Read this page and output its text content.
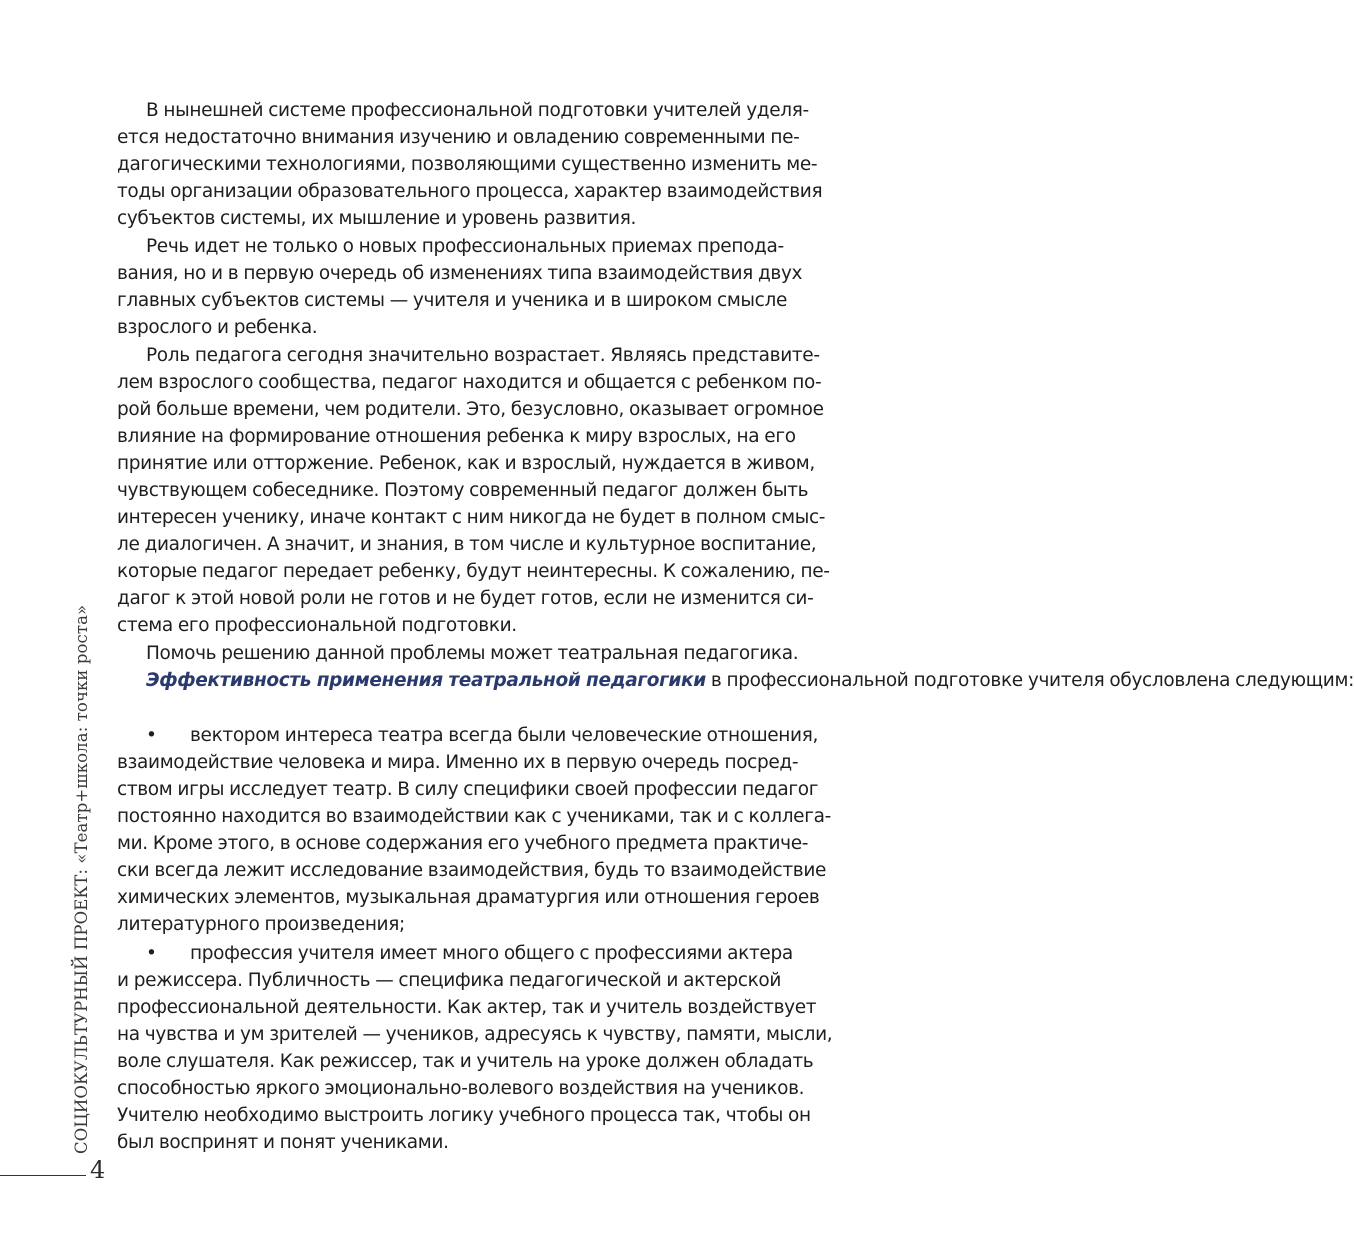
В нынешней системе профессиональной подготовки учителей уделя-
ется недостаточно внимания изучению и овладению современными пе-
дагогическими технологиями, позволяющими существенно изменить ме-
тоды организации образовательного процесса, характер взаимодействия
субъектов системы, их мышление и уровень развития.
Речь идет не только о новых профессиональных приемах препода-
вания, но и в первую очередь об изменениях типа взаимодействия двух
главных субъектов системы — учителя и ученика и в широком смысле
взрослого и ребенка.
Роль педагога сегодня значительно возрастает. Являясь представите-
лем взрослого сообщества, педагог находится и общается с ребенком по-
рой больше времени, чем родители. Это, безусловно, оказывает огромное
влияние на формирование отношения ребенка к миру взрослых, на его
принятие или отторжение. Ребенок, как и взрослый, нуждается в живом,
чувствующем собеседнике. Поэтому современный педагог должен быть
интересен ученику, иначе контакт с ним никогда не будет в полном смыс-
ле диалогичен. А значит, и знания, в том числе и культурное воспитание,
которые педагог передает ребенку, будут неинтересны. К сожалению, пе-
дагог к этой новой роли не готов и не будет готов, если не изменится си-
стема его профессиональной подготовки.
Помочь решению данной проблемы может театральная педагогика.
Эффективность применения театральной педагогики в профессиональной подготовке учителя обусловлена следующим:
•	вектором интереса театра всегда были человеческие отношения,
взаимодействие человека и мира. Именно их в первую очередь посред-
ством игры исследует театр. В силу специфики своей профессии педагог
постоянно находится во взаимодействии как с учениками, так и с коллега-
ми. Кроме этого, в основе содержания его учебного предмета практиче-
ски всегда лежит исследование взаимодействия, будь то взаимодействие
химических элементов, музыкальная драматургия или отношения героев
литературного произведения;
•	профессия учителя имеет много общего с профессиями актера
и режиссера. Публичность — специфика педагогической и актерской
профессиональной деятельности. Как актер, так и учитель воздействует
на чувства и ум зрителей — учеников, адресуясь к чувству, памяти, мысли,
воле слушателя. Как режиссер, так и учитель на уроке должен обладать
способностью яркого эмоционально-волевого воздействия на учеников.
Учителю необходимо выстроить логику учебного процесса так, чтобы он
был воспринят и понят учениками.
СОЦИОКУЛЬТУРНЫЙ ПРОЕКТ: «Театр+школа: точки роста»
4
